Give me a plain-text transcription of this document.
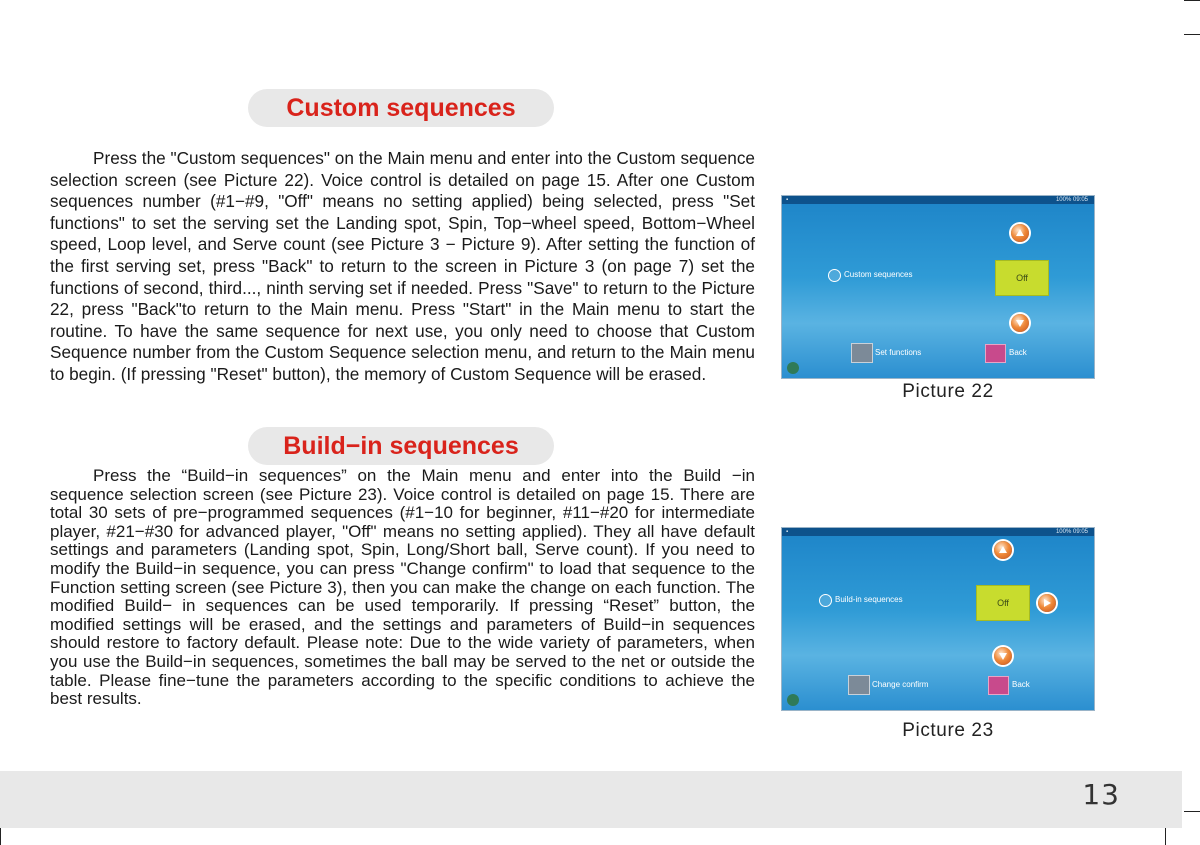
Custom sequences

Press the "Custom sequences" on the Main menu and enter into the Custom sequence selection screen (see Picture 22). Voice control is detailed on page 15. After one Custom sequences number (#1−#9, "Off" means no setting applied) being selected, press "Set functions" to set the serving set the Landing spot, Spin, Top−wheel speed, Bottom−Wheel speed, Loop level, and Serve count (see Picture 3 − Picture 9). After setting the function of the first serving set, press "Back" to return to the screen in Picture 3 (on page 7) set the functions of second, third..., ninth serving set if needed. Press "Save" to return to the Picture 22, press "Back"to return to the Main menu. Press "Start" in the Main menu to start the routine. To have the same sequence for next use, you only need to choose that Custom Sequence number from the Custom Sequence selection menu, and return to the Main menu to begin. (If pressing "Reset" button), the memory of Custom Sequence will be erased.

Build−in sequences

Press the “Build−in sequences” on the Main menu and enter into the Build −in sequence selection screen (see Picture 23). Voice control is detailed on page 15. There are total 30 sets of pre−programmed sequences (#1−10 for beginner, #11−#20 for intermediate player, #21−#30 for advanced player, "Off" means no setting applied). They all have default settings and parameters (Landing spot, Spin, Long/Short ball, Serve count). If you need to modify the Build−in sequence, you can press "Change confirm" to load that sequence to the Function setting screen (see Picture 3), then you can make the change on each function. The modified Build− in sequences can be used temporarily. If pressing “Reset” button, the modified settings will be erased, and the settings and parameters of Build−in sequences should restore to factory default. Please note: Due to the wide variety of parameters, when you use the Build−in sequences, sometimes the ball may be served to the net or outside the table. Please fine−tune the parameters according to the specific conditions to achieve the best results.

▪	100% 09:05
Custom sequences	Off
Set functions	Back
Picture 22
▪	100% 09:05
Build-in sequences	Off
Change confirm	Back
Picture 23
13
